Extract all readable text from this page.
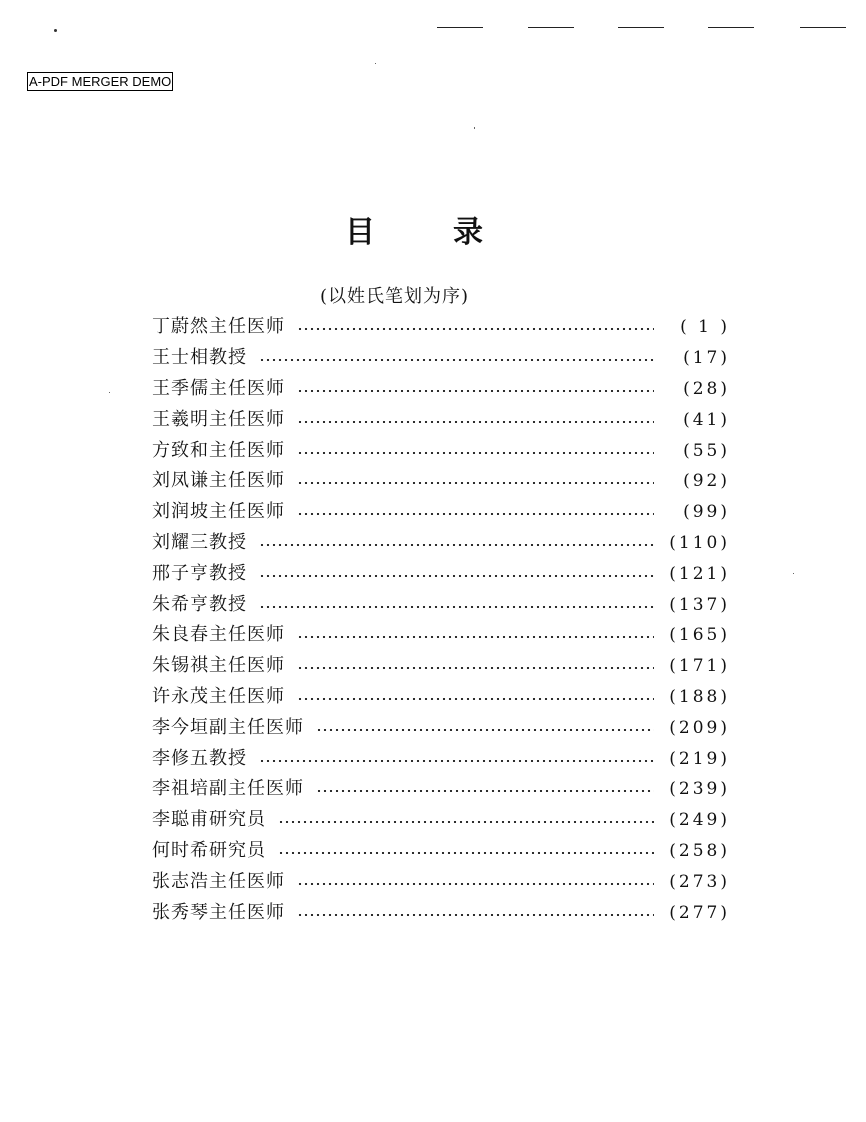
A-PDF MERGER DEMO
目	录
(以姓氏笔划为序)
丁蔚然主任医师	( 1 )
王士相教授	(17)
王季儒主任医师	(28)
王羲明主任医师	(41)
方致和主任医师	(55)
刘凤谦主任医师	(92)
刘润坡主任医师	(99)
刘耀三教授	(110)
邢子亨教授	(121)
朱希亨教授	(137)
朱良春主任医师	(165)
朱锡祺主任医师	(171)
许永茂主任医师	(188)
李今垣副主任医师	(209)
李修五教授	(219)
李祖培副主任医师	(239)
李聪甫研究员	(249)
何时希研究员	(258)
张志浩主任医师	(273)
张秀琴主任医师	(277)
